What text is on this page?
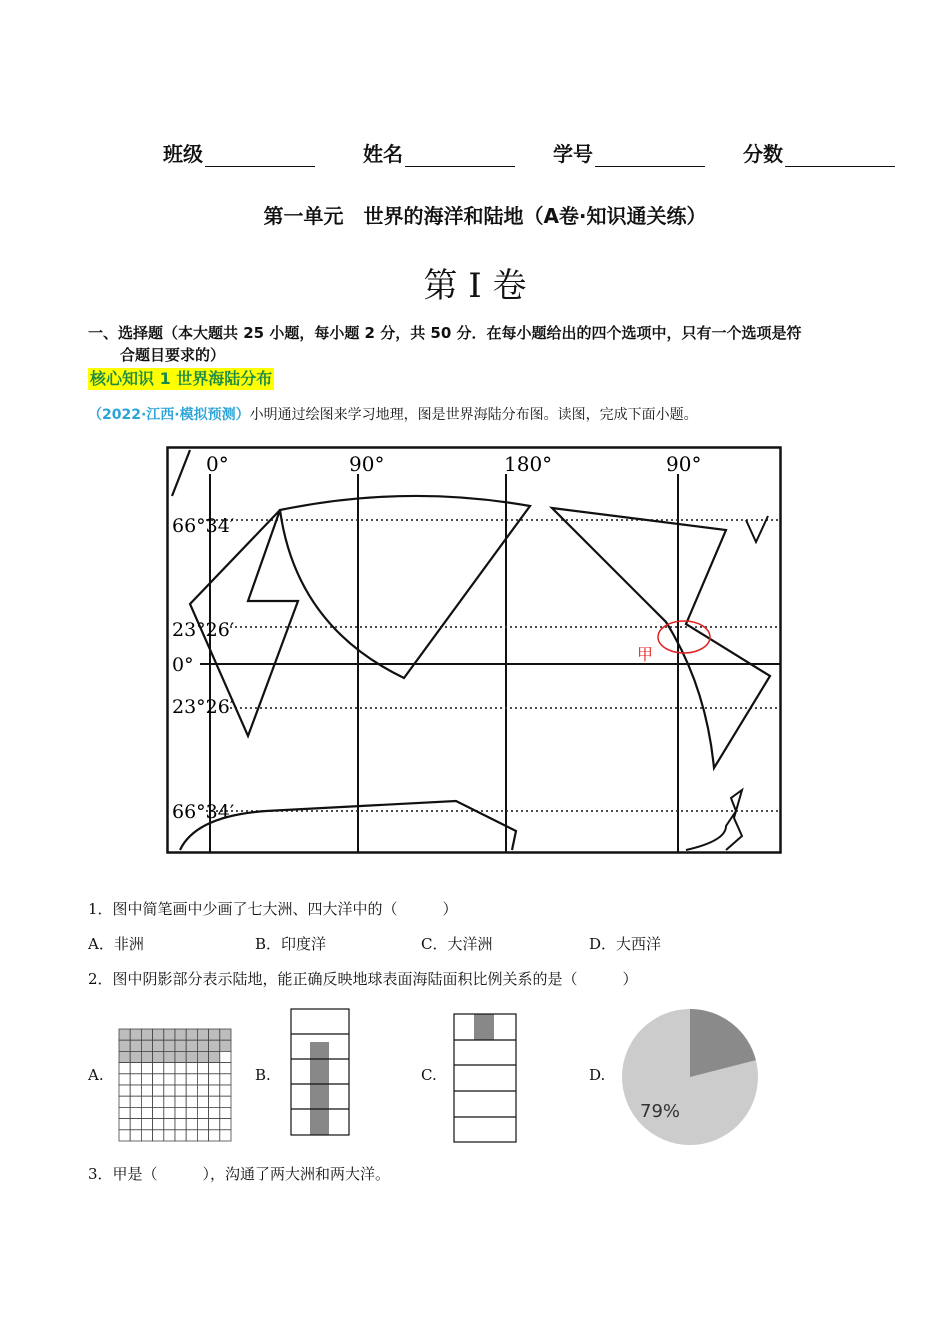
班级	姓名	学号	分数
第一单元　世界的海洋和陆地（A卷·知识通关练）
第 I 卷
一、选择题（本大题共 25 小题，每小题 2 分，共 50 分．在每小题给出的四个选项中，只有一个选项是符
合题目要求的）
核心知识 1 世界海陆分布
（2022·江西·模拟预测）小明通过绘图来学习地理，图是世界海陆分布图。读图，完成下面小题。
0°	90°	180°	90°
66°34′
23°26′
0°
23°26′
66°34′
甲
1．图中简笔画中少画了七大洲、四大洋中的（　　　）
A．非洲	B．印度洋	C．大洋洲	D．大西洋
2．图中阴影部分表示陆地，能正确反映地球表面海陆面积比例关系的是（　　　）
A.	B.	C.	D.
79%
3．甲是（　　　），沟通了两大洲和两大洋。
